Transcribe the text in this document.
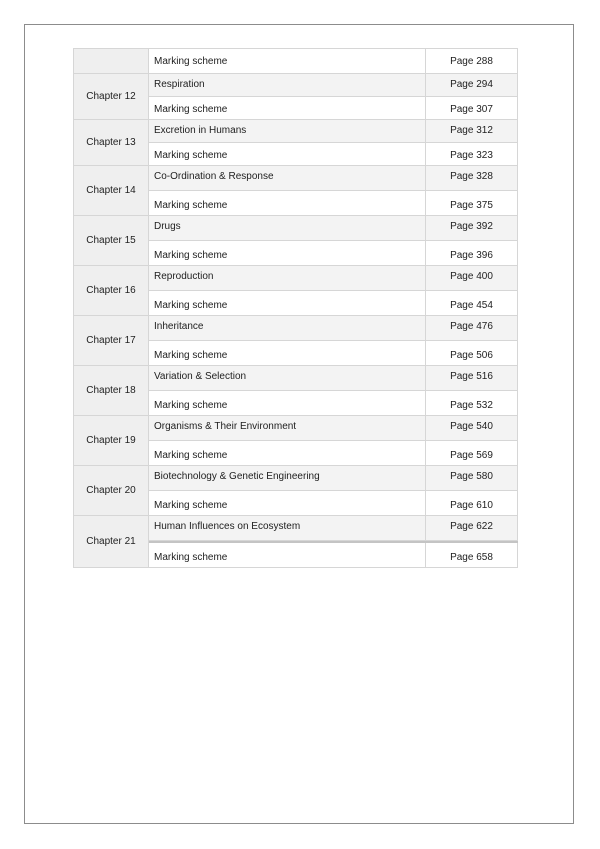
Marking scheme	Page 288
Chapter 12
Respiration	Page 294
Marking scheme	Page 307
Chapter 13
Excretion in Humans	Page 312
Marking scheme	Page 323
Chapter 14
Co-Ordination & Response	Page 328
Marking scheme	Page 375
Chapter 15
Drugs	Page 392
Marking scheme	Page 396
Chapter 16
Reproduction	Page 400
Marking scheme	Page 454
Chapter 17
Inheritance	Page 476
Marking scheme	Page 506
Chapter 18
Variation & Selection	Page 516
Marking scheme	Page 532
Chapter 19
Organisms & Their Environment	Page 540
Marking scheme	Page 569
Chapter 20
Biotechnology & Genetic Engineering	Page 580
Marking scheme	Page 610
Chapter 21
Human Influences on Ecosystem	Page 622
Marking scheme	Page 658
